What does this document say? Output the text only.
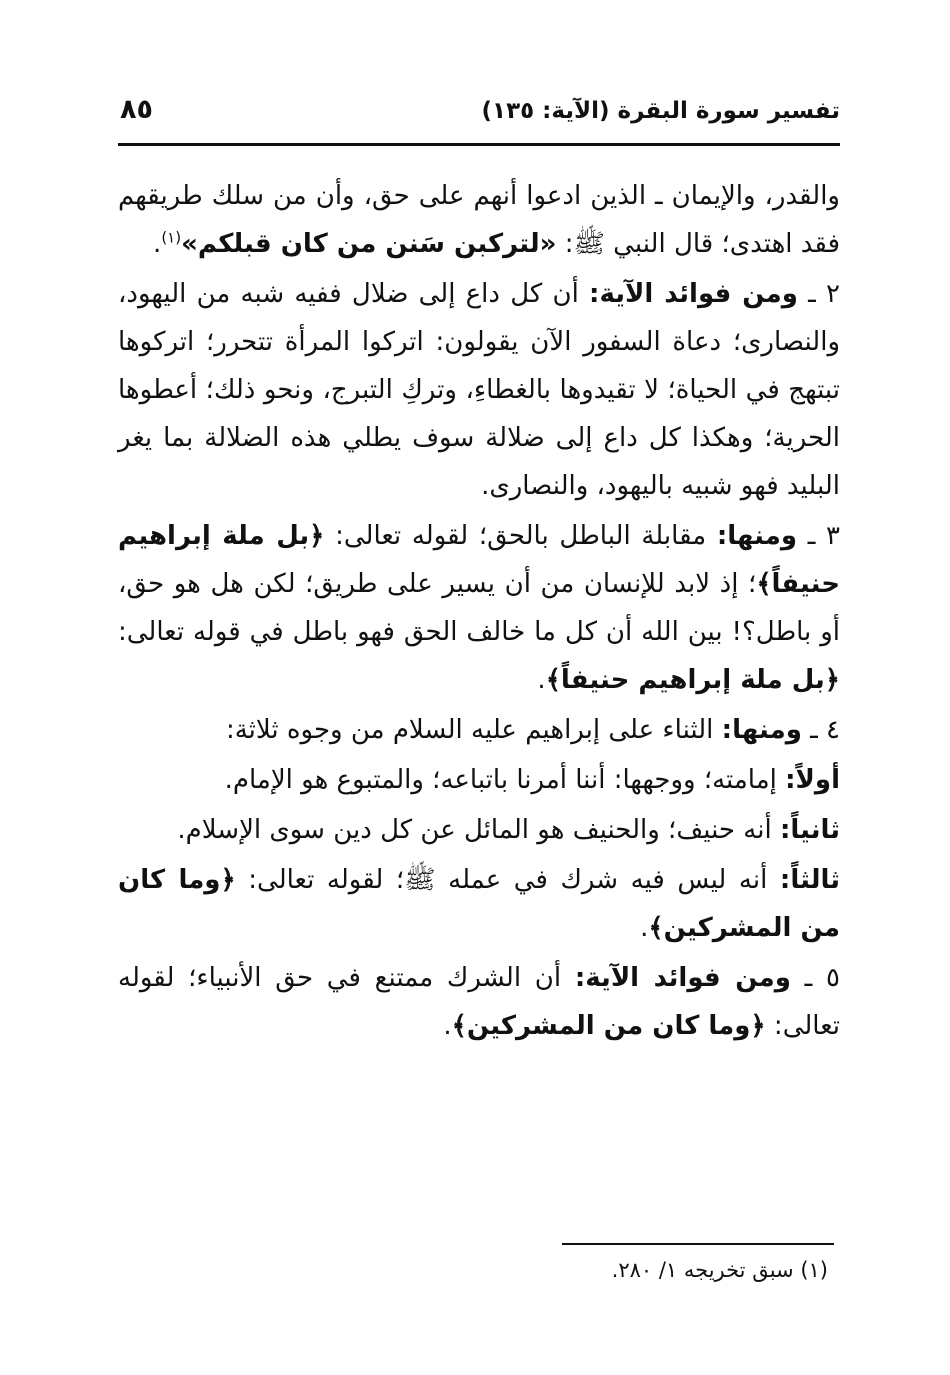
تفسير سورة البقرة (الآية: ١٣٥)
٨٥

والقدر، والإيمان ـ الذين ادعوا أنهم على حق، وأن من سلك طريقهم فقد اهتدى؛ قال النبي ﷺ: «لتركبن سَنن من كان قبلكم»$^{(١)}$.

٢ ـ ومن فوائد الآية: أن كل داع إلى ضلال ففيه شبه من اليهود، والنصارى؛ دعاة السفور الآن يقولون: اتركوا المرأة تتحرر؛ اتركوها تبتهج في الحياة؛ لا تقيدوها بالغطاءِ، وتركِ التبرج، ونحو ذلك؛ أعطوها الحرية؛ وهكذا كل داع إلى ضلالة سوف يطلي هذه الضلالة بما يغر البليد فهو شبيه باليهود، والنصارى.

٣ ـ ومنها: مقابلة الباطل بالحق؛ لقوله تعالى: ﴿بل ملة إبراهيم حنيفاً﴾؛ إذ لابد للإنسان من أن يسير على طريق؛ لكن هل هو حق، أو باطل؟! بين الله أن كل ما خالف الحق فهو باطل في قوله تعالى: ﴿بل ملة إبراهيم حنيفاً﴾.

٤ ـ ومنها: الثناء على إبراهيم عليه السلام من وجوه ثلاثة:

أولاً: إمامته؛ ووجهها: أننا أمرنا باتباعه؛ والمتبوع هو الإمام.

ثانياً: أنه حنيف؛ والحنيف هو المائل عن كل دين سوى الإسلام.

ثالثاً: أنه ليس فيه شرك في عمله ﷺ؛ لقوله تعالى: ﴿وما كان من المشركين﴾.

٥ ـ ومن فوائد الآية: أن الشرك ممتنع في حق الأنبياء؛ لقوله تعالى: ﴿وما كان من المشركين﴾.

(١) سبق تخريجه ١/ ٢٨٠.
